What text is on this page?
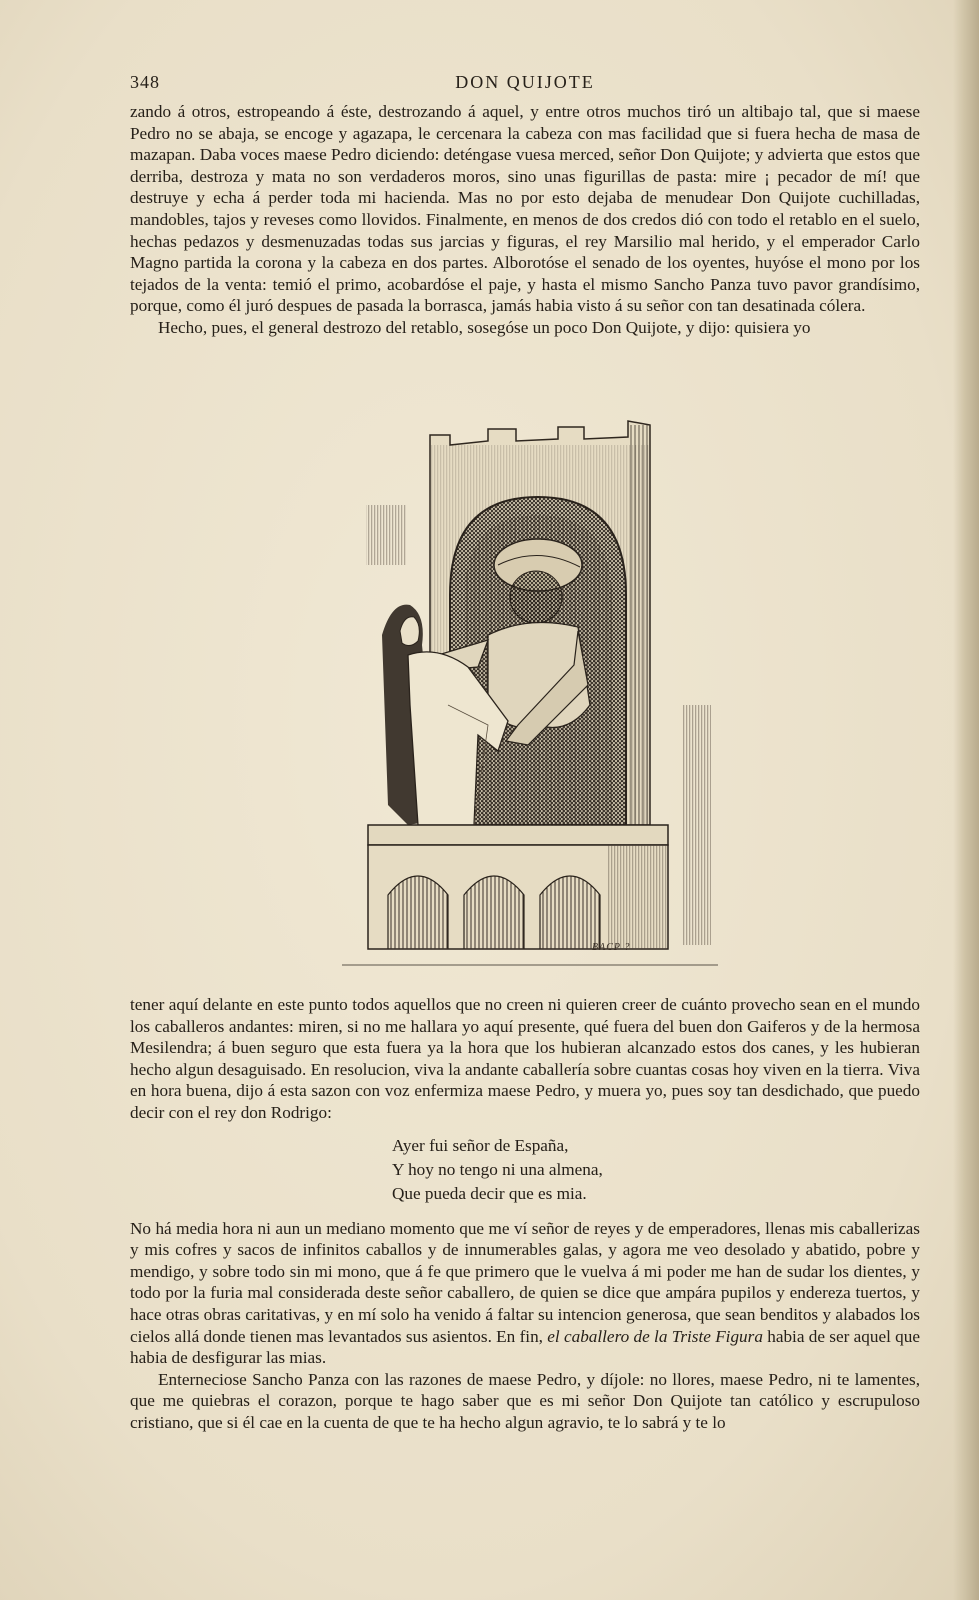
348	DON QUIJOTE

zando á otros, estropeando á éste, destrozando á aquel, y entre otros muchos tiró un altibajo tal, que si maese Pedro no se abaja, se encoge y agazapa, le cercenara la cabeza con mas facilidad que si fuera hecha de masa de mazapan. Daba voces maese Pedro diciendo: deténgase vuesa merced, señor Don Quijote; y advierta que estos que derriba, destroza y mata no son verdaderos moros, sino unas figurillas de pasta: mire ¡ pecador de mí! que destruye y echa á perder toda mi hacienda. Mas no por esto dejaba de menudear Don Quijote cuchilladas, mandobles, tajos y reveses como llovidos. Finalmente, en menos de dos credos dió con todo el retablo en el suelo, hechas pedazos y desmenuzadas todas sus jarcias y figuras, el rey Marsilio mal herido, y el emperador Carlo Magno partida la corona y la cabeza en dos partes. Alborotóse el senado de los oyentes, huyóse el mono por los tejados de la venta: temió el primo, acobardóse el paje, y hasta el mismo Sancho Panza tuvo pavor grandísimo, porque, como él juró despues de pasada la borrasca, jamás habia visto á su señor con tan desatinada cólera.

Hecho, pues, el general destrozo del retablo, sosegóse un poco Don Quijote, y dijo: quisiera yo

BACP ?

tener aquí delante en este punto todos aquellos que no creen ni quieren creer de cuánto provecho sean en el mundo los caballeros andantes: miren, si no me hallara yo aquí presente, qué fuera del buen don Gaiferos y de la hermosa Mesilendra; á buen seguro que esta fuera ya la hora que los hubieran alcanzado estos dos canes, y les hubieran hecho algun desaguisado. En resolucion, viva la andante caballería sobre cuantas cosas hoy viven en la tierra. Viva en hora buena, dijo á esta sazon con voz enfermiza maese Pedro, y muera yo, pues soy tan desdichado, que puedo decir con el rey don Rodrigo:

Ayer fui señor de España,
Y hoy no tengo ni una almena,
Que pueda decir que es mia.

No há media hora ni aun un mediano momento que me ví señor de reyes y de emperadores, llenas mis caballerizas y mis cofres y sacos de infinitos caballos y de innumerables galas, y agora me veo desolado y abatido, pobre y mendigo, y sobre todo sin mi mono, que á fe que primero que le vuelva á mi poder me han de sudar los dientes, y todo por la furia mal considerada deste señor caballero, de quien se dice que ampára pupilos y endereza tuertos, y hace otras obras caritativas, y en mí solo ha venido á faltar su intencion generosa, que sean benditos y alabados los cielos allá donde tienen mas levantados sus asientos. En fin, el caballero de la Triste Figura habia de ser aquel que habia de desfigurar las mias.

Enterneciose Sancho Panza con las razones de maese Pedro, y díjole: no llores, maese Pedro, ni te lamentes, que me quiebras el corazon, porque te hago saber que es mi señor Don Quijote tan católico y escrupuloso cristiano, que si él cae en la cuenta de que te ha hecho algun agravio, te lo sabrá y te lo
